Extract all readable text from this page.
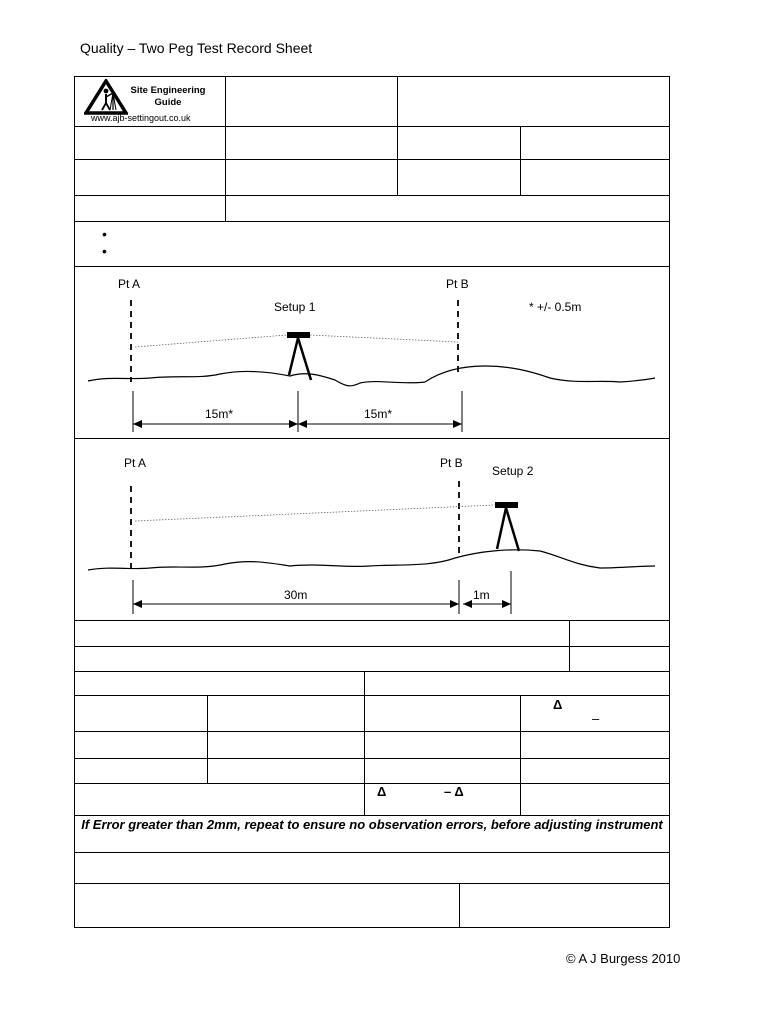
Quality – Two Peg Test Record Sheet
Site Engineering
Guide
www.ajb-settingout.co.uk
•
•
Pt A	Pt B
Setup 1	* +/- 0.5m
15m*	15m*
Pt A	Pt B
Setup 2
30m	1m
Δ
–
Δ	– Δ
If Error greater than 2mm, repeat to ensure no observation errors, before adjusting instrument
© A J Burgess 2010
